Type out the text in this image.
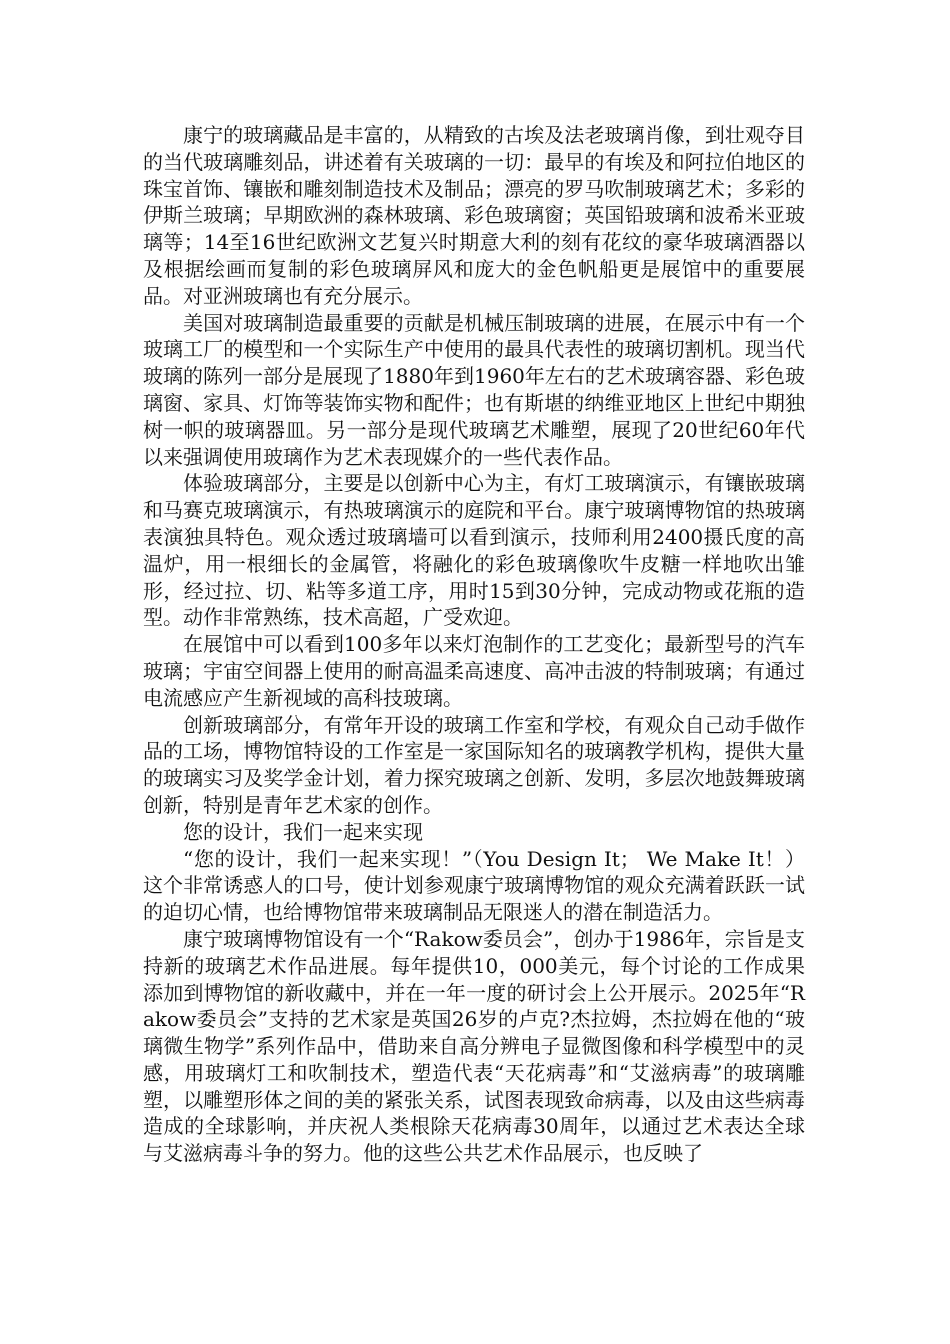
康宁的玻璃藏品是丰富的，从精致的古埃及法老玻璃肖像，到壮观夺目的当代玻璃雕刻品，讲述着有关玻璃的一切：最早的有埃及和阿拉伯地区的珠宝首饰、镶嵌和雕刻制造技术及制品；漂亮的罗马吹制玻璃艺术；多彩的伊斯兰玻璃；早期欧洲的森林玻璃、彩色玻璃窗；英国铅玻璃和波希米亚玻璃等；14至16世纪欧洲文艺复兴时期意大利的刻有花纹的豪华玻璃酒器以及根据绘画而复制的彩色玻璃屏风和庞大的金色帆船更是展馆中的重要展品。对亚洲玻璃也有充分展示。

美国对玻璃制造最重要的贡献是机械压制玻璃的进展，在展示中有一个玻璃工厂的模型和一个实际生产中使用的最具代表性的玻璃切割机。现当代玻璃的陈列一部分是展现了1880年到1960年左右的艺术玻璃容器、彩色玻璃窗、家具、灯饰等装饰实物和配件；也有斯堪的纳维亚地区上世纪中期独树一帜的玻璃器皿。另一部分是现代玻璃艺术雕塑，展现了20世纪60年代以来强调使用玻璃作为艺术表现媒介的一些代表作品。

体验玻璃部分，主要是以创新中心为主，有灯工玻璃演示，有镶嵌玻璃和马赛克玻璃演示，有热玻璃演示的庭院和平台。康宁玻璃博物馆的热玻璃表演独具特色。观众透过玻璃墙可以看到演示，技师利用2400摄氏度的高温炉，用一根细长的金属管，将融化的彩色玻璃像吹牛皮糖一样地吹出雏形，经过拉、切、粘等多道工序，用时15到30分钟，完成动物或花瓶的造型。动作非常熟练，技术高超，广受欢迎。

在展馆中可以看到100多年以来灯泡制作的工艺变化；最新型号的汽车玻璃；宇宙空间器上使用的耐高温柔高速度、高冲击波的特制玻璃；有通过电流感应产生新视域的高科技玻璃。

创新玻璃部分，有常年开设的玻璃工作室和学校，有观众自己动手做作品的工场，博物馆特设的工作室是一家国际知名的玻璃教学机构，提供大量的玻璃实习及奖学金计划，着力探究玻璃之创新、发明，多层次地鼓舞玻璃创新，特别是青年艺术家的创作。

您的设计，我们一起来实现

“您的设计，我们一起来实现！”（You Design It； We Make It！）这个非常诱惑人的口号，使计划参观康宁玻璃博物馆的观众充满着跃跃一试的迫切心情，也给博物馆带来玻璃制品无限迷人的潜在制造活力。

康宁玻璃博物馆设有一个“Rakow委员会”，创办于1986年，宗旨是支持新的玻璃艺术作品进展。每年提供10，000美元，每个讨论的工作成果添加到博物馆的新收藏中，并在一年一度的研讨会上公开展示。2025年“Rakow委员会”支持的艺术家是英国26岁的卢克?杰拉姆，杰拉姆在他的“玻璃微生物学”系列作品中，借助来自高分辨电子显微图像和科学模型中的灵感，用玻璃灯工和吹制技术，塑造代表“天花病毒”和“艾滋病毒”的玻璃雕塑，以雕塑形体之间的美的紧张关系，试图表现致命病毒，以及由这些病毒造成的全球影响，并庆祝人类根除天花病毒30周年，以通过艺术表达全球与艾滋病毒斗争的努力。他的这些公共艺术作品展示，也反映了
